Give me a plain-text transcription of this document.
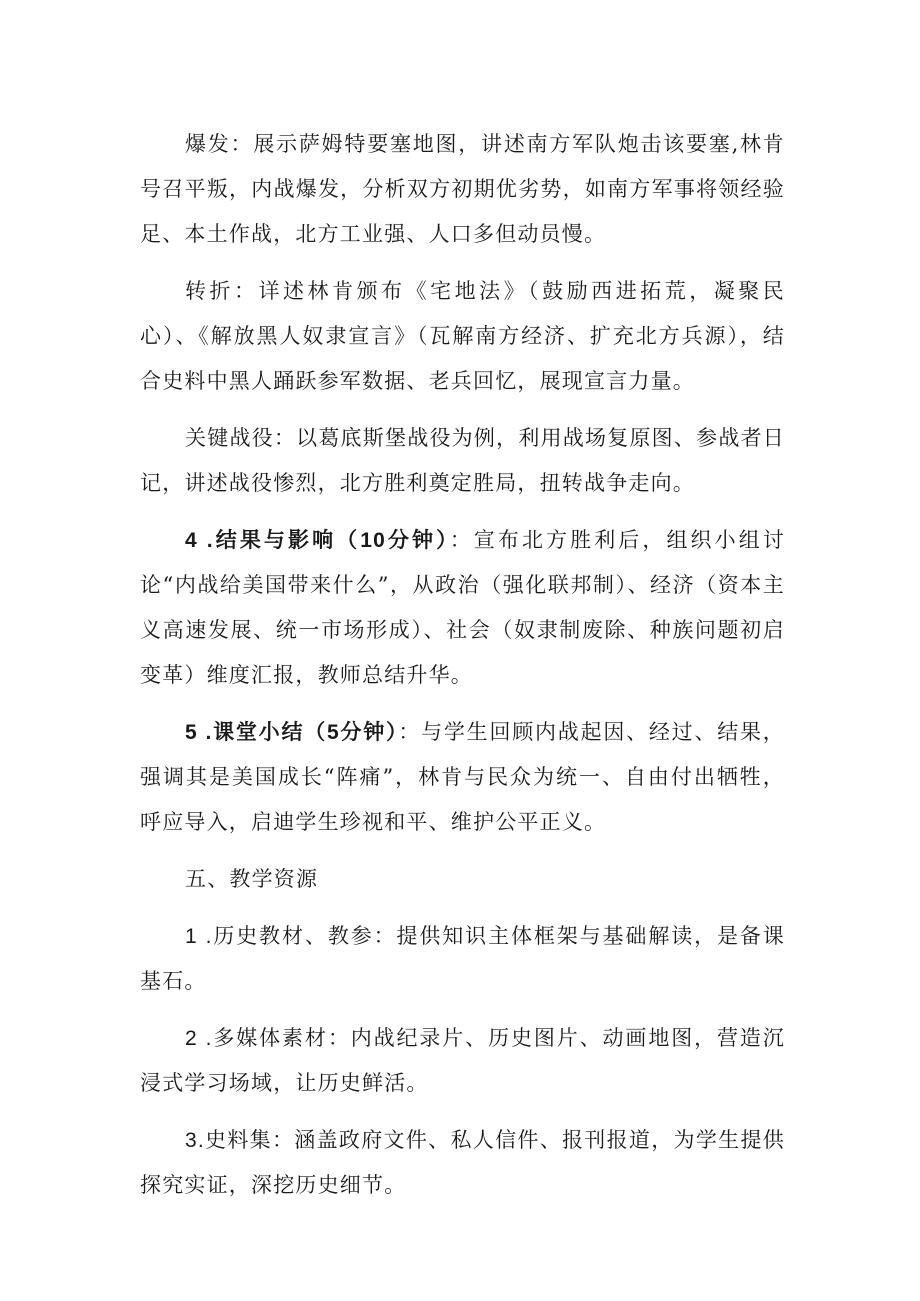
爆发：展示萨姆特要塞地图，讲述南方军队炮击该要塞,林肯号召平叛，内战爆发，分析双方初期优劣势，如南方军事将领经验足、本土作战，北方工业强、人口多但动员慢。

转折：详述林肯颁布《宅地法》（鼓励西进拓荒，凝聚民心）、《解放黑人奴隶宣言》（瓦解南方经济、扩充北方兵源），结合史料中黑人踊跃参军数据、老兵回忆，展现宣言力量。

关键战役：以葛底斯堡战役为例，利用战场复原图、参战者日记，讲述战役惨烈，北方胜利奠定胜局，扭转战争走向。

4 .结果与影响（10分钟）：宣布北方胜利后，组织小组讨论“内战给美国带来什么”，从政治（强化联邦制）、经济（资本主义高速发展、统一市场形成）、社会（奴隶制废除、种族问题初启变革）维度汇报，教师总结升华。

5 .课堂小结（5分钟）：与学生回顾内战起因、经过、结果，强调其是美国成长“阵痛”，林肯与民众为统一、自由付出牺牲，呼应导入，启迪学生珍视和平、维护公平正义。

五、教学资源

1 .历史教材、教参：提供知识主体框架与基础解读，是备课基石。

2 .多媒体素材：内战纪录片、历史图片、动画地图，营造沉浸式学习场域，让历史鲜活。

3.史料集：涵盖政府文件、私人信件、报刊报道，为学生提供探究实证，深挖历史细节。
